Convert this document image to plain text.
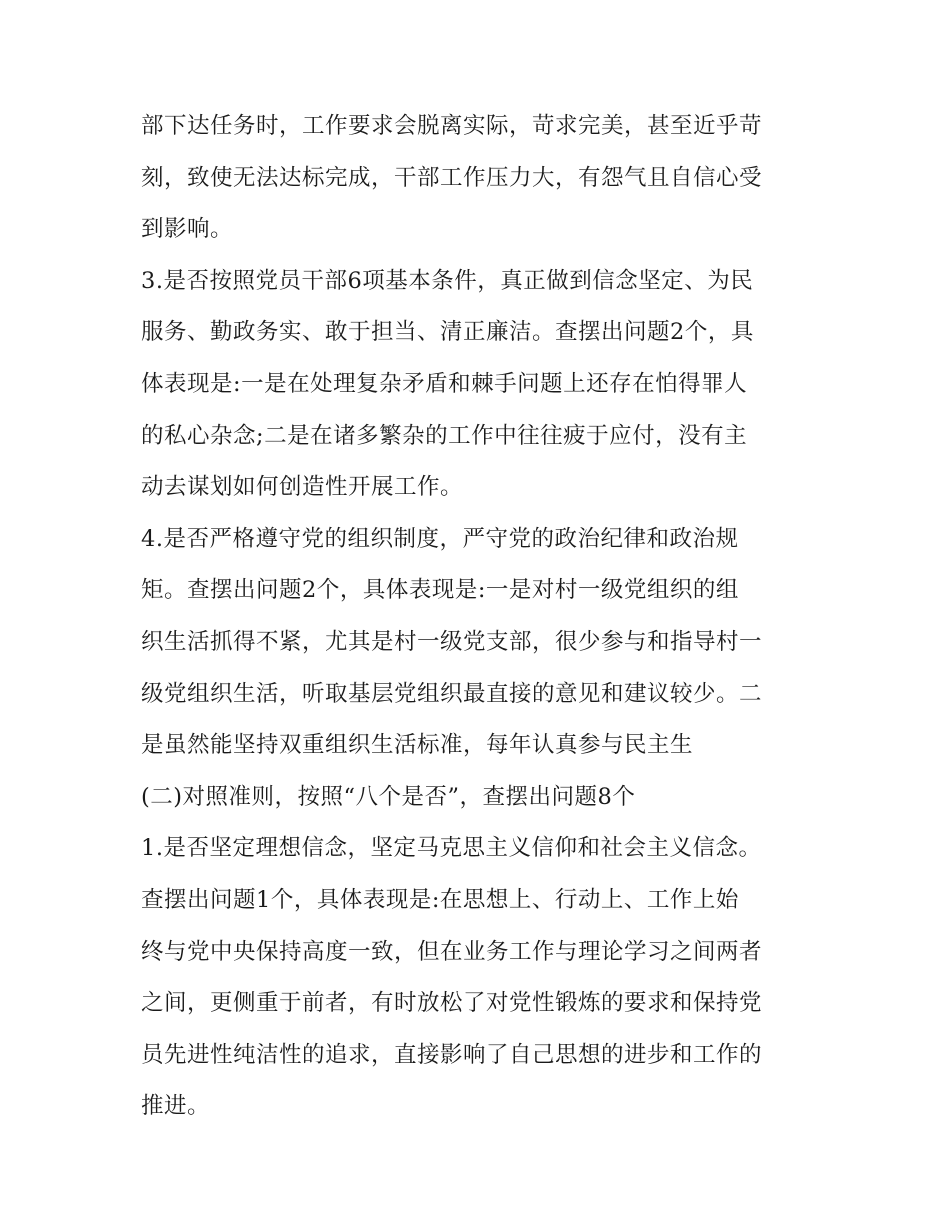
部下达任务时，工作要求会脱离实际，苛求完美，甚至近乎苛
刻，致使无法达标完成，干部工作压力大，有怨气且自信心受
到影响。
3.是否按照党员干部6项基本条件，真正做到信念坚定、为民
服务、勤政务实、敢于担当、清正廉洁。查摆出问题2个，具
体表现是:一是在处理复杂矛盾和棘手问题上还存在怕得罪人
的私心杂念;二是在诸多繁杂的工作中往往疲于应付，没有主
动去谋划如何创造性开展工作。
4.是否严格遵守党的组织制度，严守党的政治纪律和政治规
矩。查摆出问题2个，具体表现是:一是对村一级党组织的组
织生活抓得不紧，尤其是村一级党支部，很少参与和指导村一
级党组织生活，听取基层党组织最直接的意见和建议较少。二
是虽然能坚持双重组织生活标准，每年认真参与民主生
(二)对照准则，按照“八个是否”，查摆出问题8个
1.是否坚定理想信念，坚定马克思主义信仰和社会主义信念。
查摆出问题1个，具体表现是:在思想上、行动上、工作上始
终与党中央保持高度一致，但在业务工作与理论学习之间两者
之间，更侧重于前者，有时放松了对党性锻炼的要求和保持党
员先进性纯洁性的追求，直接影响了自己思想的进步和工作的
推进。
